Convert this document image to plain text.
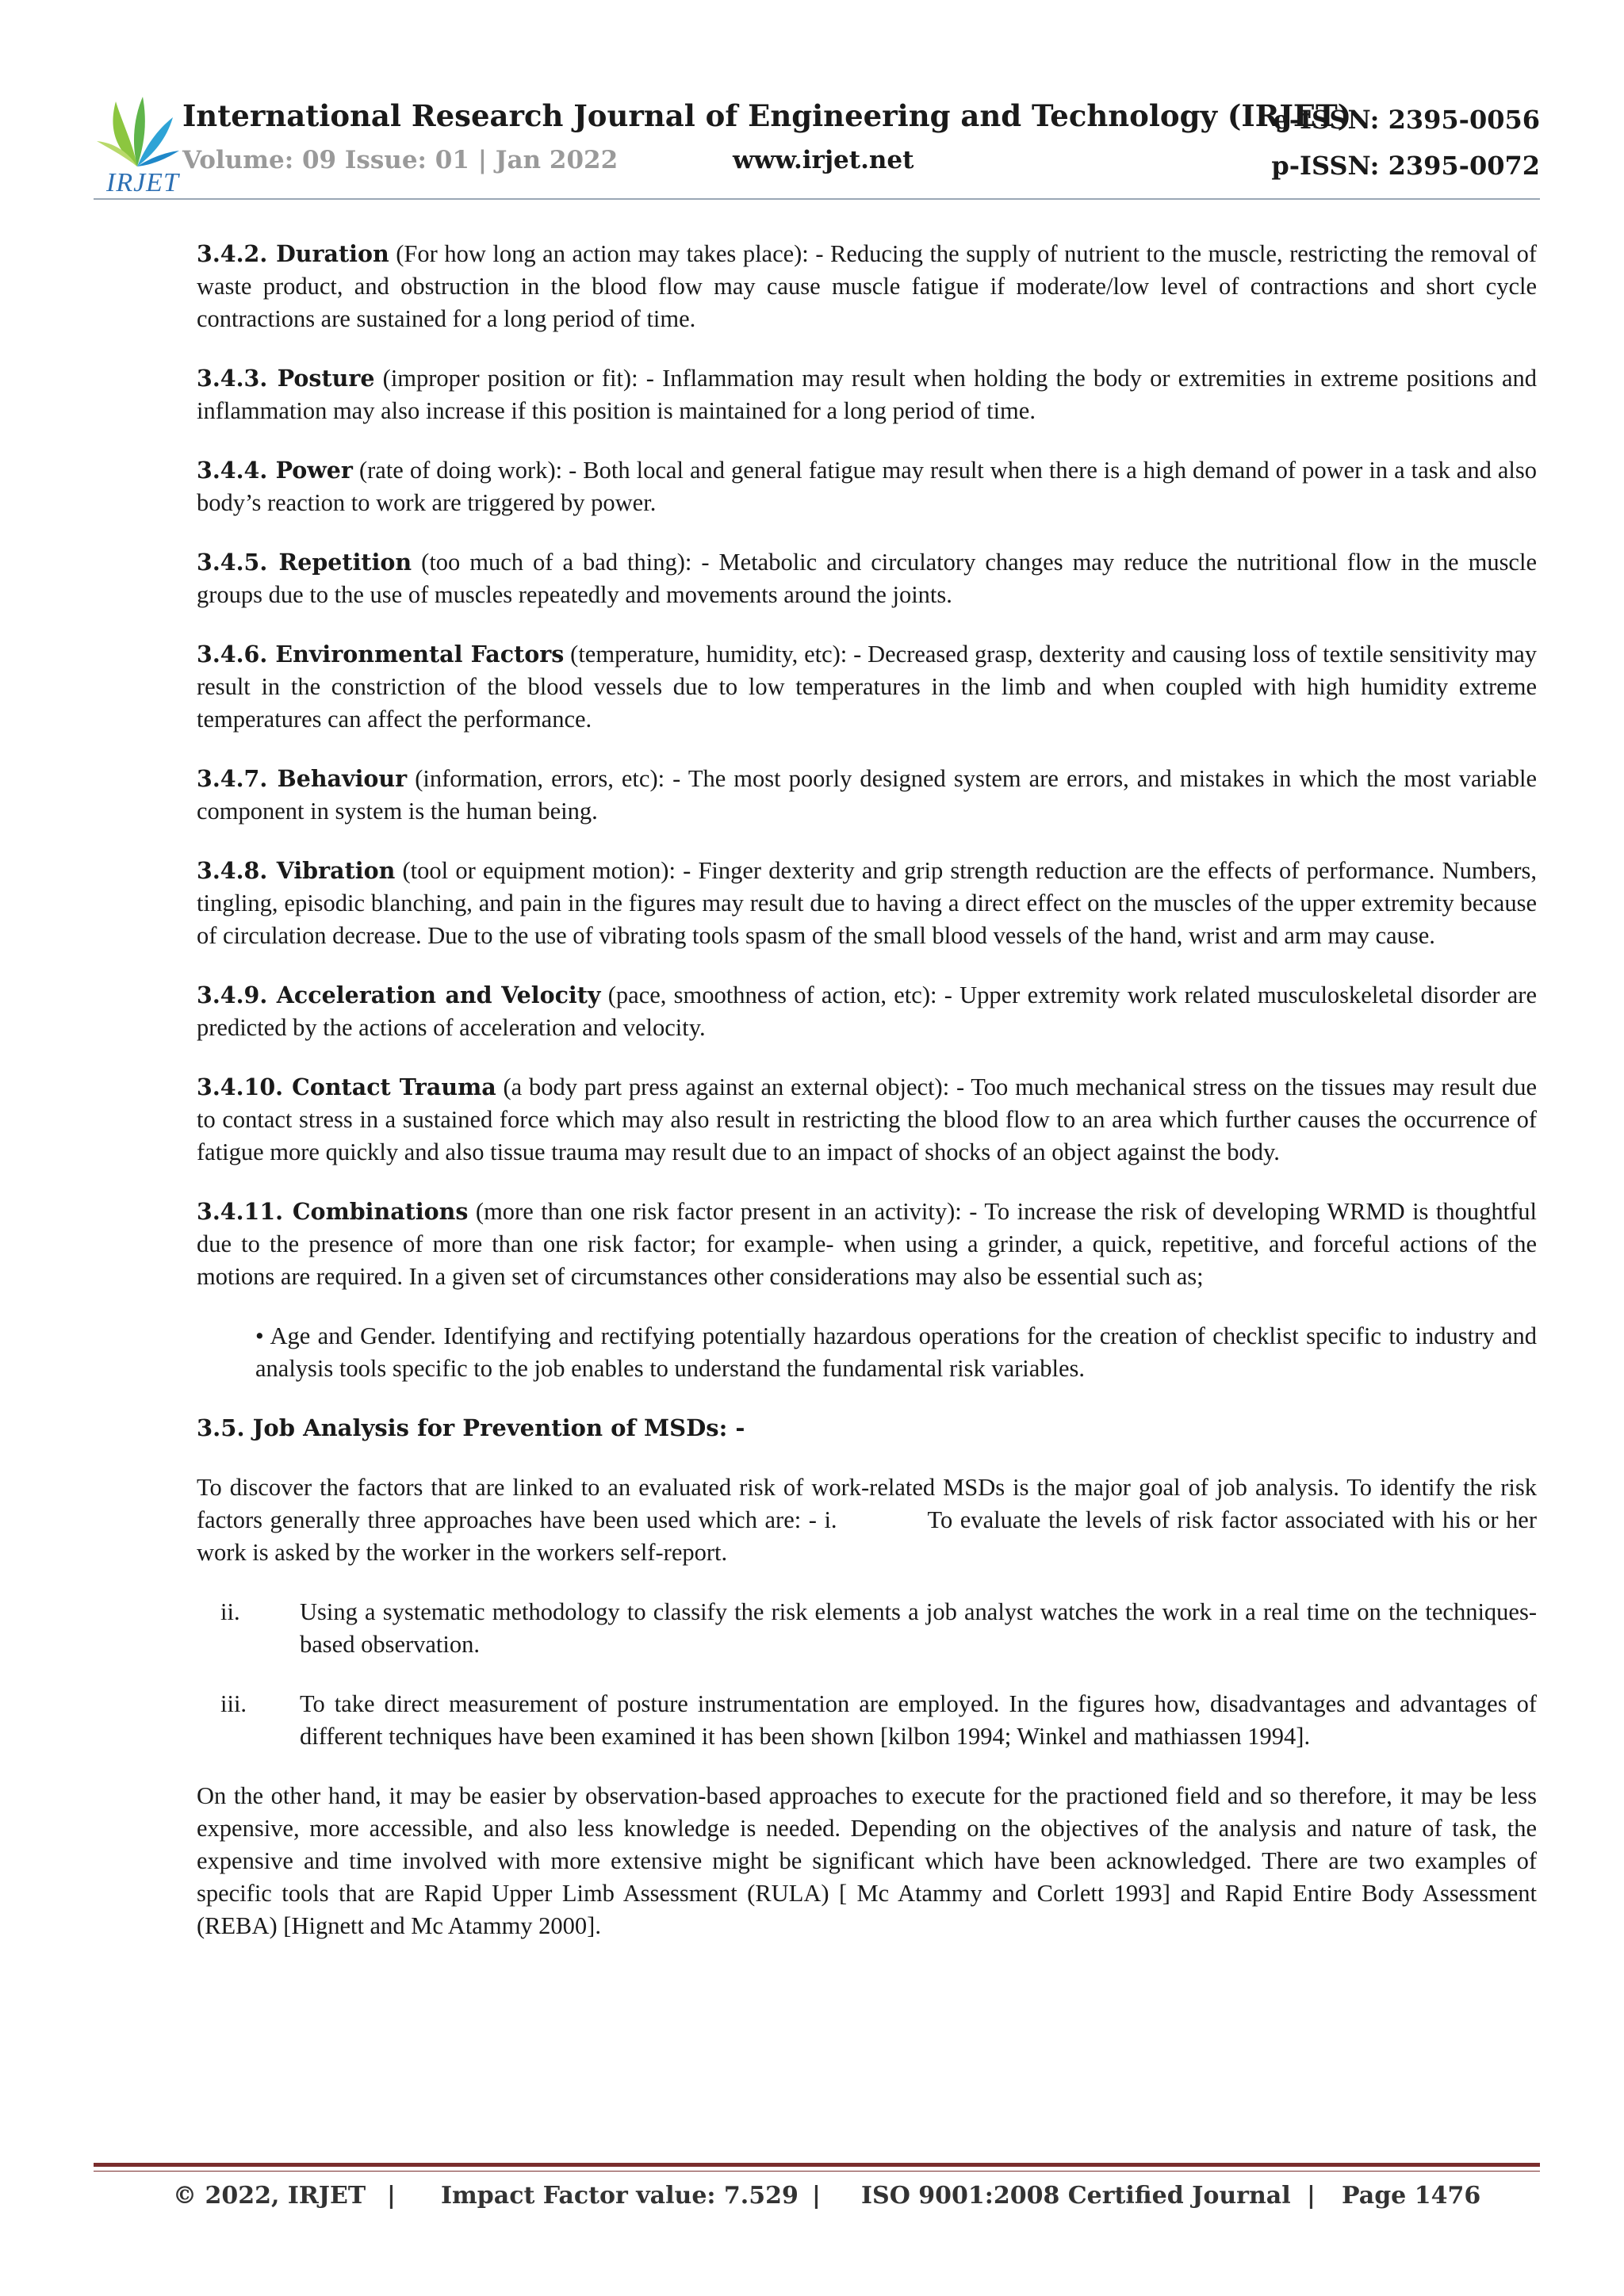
IRJET
International Research Journal of Engineering and Technology (IRJET)
e-ISSN: 2395-0056
Volume: 09 Issue: 01 | Jan 2022	www.irjet.net	p-ISSN: 2395-0072

3.4.2. Duration (For how long an action may takes place): - Reducing the supply of nutrient to the muscle, restricting the removal of waste product, and obstruction in the blood flow may cause muscle fatigue if moderate/low level of contractions and short cycle contractions are sustained for a long period of time.

3.4.3. Posture (improper position or fit): - Inflammation may result when holding the body or extremities in extreme positions and inflammation may also increase if this position is maintained for a long period of time.

3.4.4. Power (rate of doing work): - Both local and general fatigue may result when there is a high demand of power in a task and also body’s reaction to work are triggered by power.

3.4.5. Repetition (too much of a bad thing): - Metabolic and circulatory changes may reduce the nutritional flow in the muscle groups due to the use of muscles repeatedly and movements around the joints.

3.4.6. Environmental Factors (temperature, humidity, etc): - Decreased grasp, dexterity and causing loss of textile sensitivity may result in the constriction of the blood vessels due to low temperatures in the limb and when coupled with high humidity extreme temperatures can affect the performance.

3.4.7. Behaviour (information, errors, etc): - The most poorly designed system are errors, and mistakes in which the most variable component in system is the human being.

3.4.8. Vibration (tool or equipment motion): - Finger dexterity and grip strength reduction are the effects of performance. Numbers, tingling, episodic blanching, and pain in the figures may result due to having a direct effect on the muscles of the upper extremity because of circulation decrease. Due to the use of vibrating tools spasm of the small blood vessels of the hand, wrist and arm may cause.

3.4.9. Acceleration and Velocity (pace, smoothness of action, etc): - Upper extremity work related musculoskeletal disorder are predicted by the actions of acceleration and velocity.

3.4.10. Contact Trauma (a body part press against an external object): - Too much mechanical stress on the tissues may result due to contact stress in a sustained force which may also result in restricting the blood flow to an area which further causes the occurrence of fatigue more quickly and also tissue trauma may result due to an impact of shocks of an object against the body.

3.4.11. Combinations (more than one risk factor present in an activity): - To increase the risk of developing WRMD is thoughtful due to the presence of more than one risk factor; for example- when using a grinder, a quick, repetitive, and forceful actions of the motions are required. In a given set of circumstances other considerations may also be essential such as;

• Age and Gender. Identifying and rectifying potentially hazardous operations for the creation of checklist specific to industry and analysis tools specific to the job enables to understand the fundamental risk variables.
3.5. Job Analysis for Prevention of MSDs: -

To discover the factors that are linked to an evaluated risk of work-related MSDs is the major goal of job analysis. To identify the risk factors generally three approaches have been used which are: - i.            To evaluate the levels of risk factor associated with his or her work is asked by the worker in the workers self-report.

ii. Using a systematic methodology to classify the risk elements a job analyst watches the work in a real time on the techniques-based observation.
iii. To take direct measurement of posture instrumentation are employed. In the figures how, disadvantages and advantages of different techniques have been examined it has been shown [kilbon 1994; Winkel and mathiassen 1994].

On the other hand, it may be easier by observation-based approaches to execute for the practioned field and so therefore, it may be less expensive, more accessible, and also less knowledge is needed. Depending on the objectives of the analysis and nature of task, the expensive and time involved with more extensive might be significant which have been acknowledged. There are two examples of specific tools that are Rapid Upper Limb Assessment (RULA) [ Mc Atammy and Corlett 1993] and Rapid Entire Body Assessment (REBA) [Hignett and Mc Atammy 2000].

© 2022, IRJET | Impact Factor value: 7.529 | ISO 9001:2008 Certified Journal | Page 1476
